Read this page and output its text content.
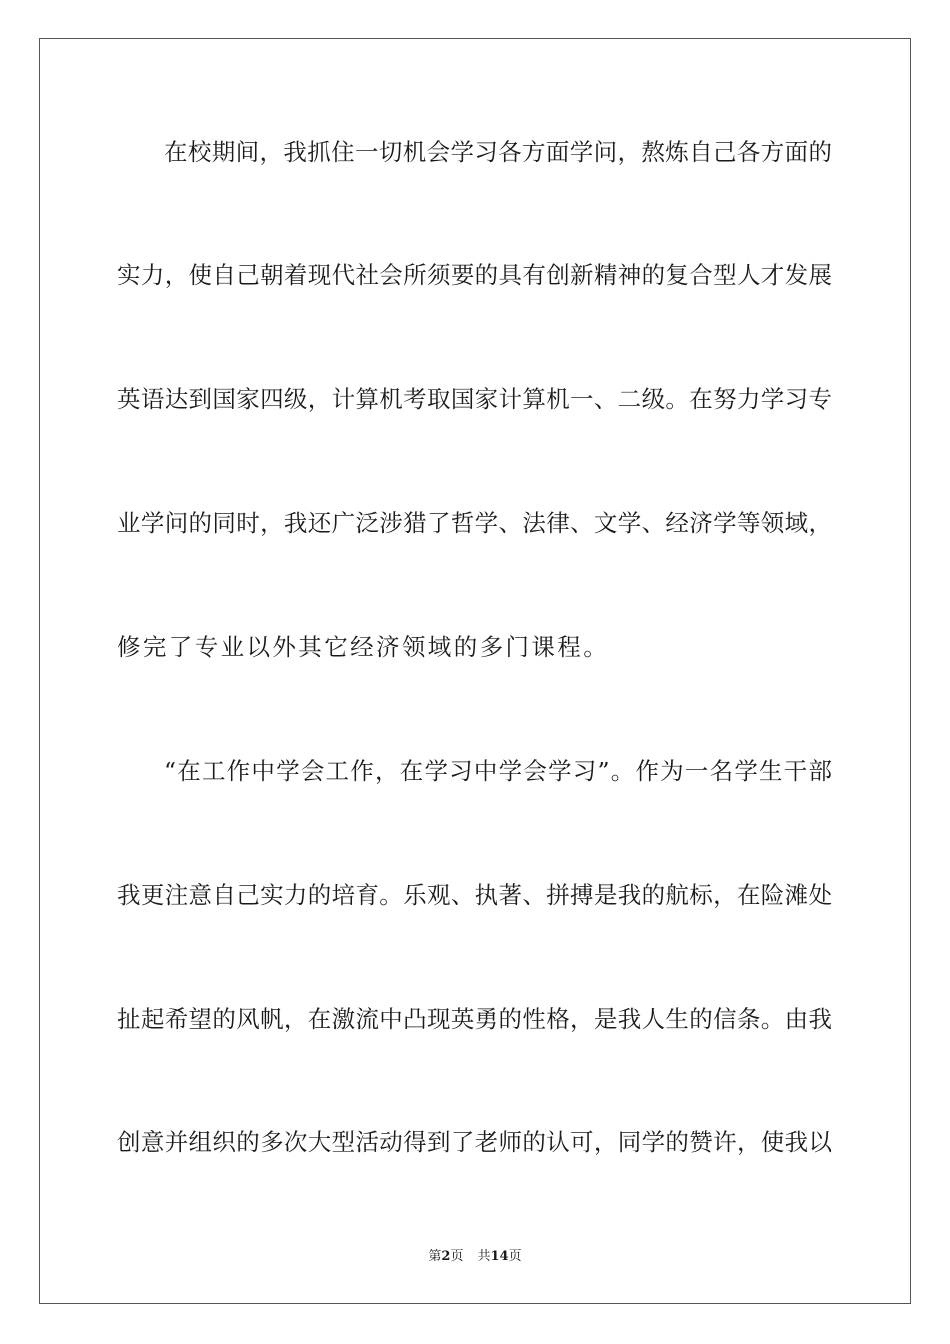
在校期间，我抓住一切机会学习各方面学问，熬炼自己各方面的
实力，使自己朝着现代社会所须要的具有创新精神的复合型人才发展
英语达到国家四级，计算机考取国家计算机一、二级。在努力学习专
业学问的同时，我还广泛涉猎了哲学、法律、文学、经济学等领域，
修完了专业以外其它经济领域的多门课程。
“在工作中学会工作，在学习中学会学习”。作为一名学生干部
我更注意自己实力的培育。乐观、执著、拼搏是我的航标，在险滩处
扯起希望的风帆，在激流中凸现英勇的性格，是我人生的信条。由我
创意并组织的多次大型活动得到了老师的认可，同学的赞许，使我以
第2页 共14页
